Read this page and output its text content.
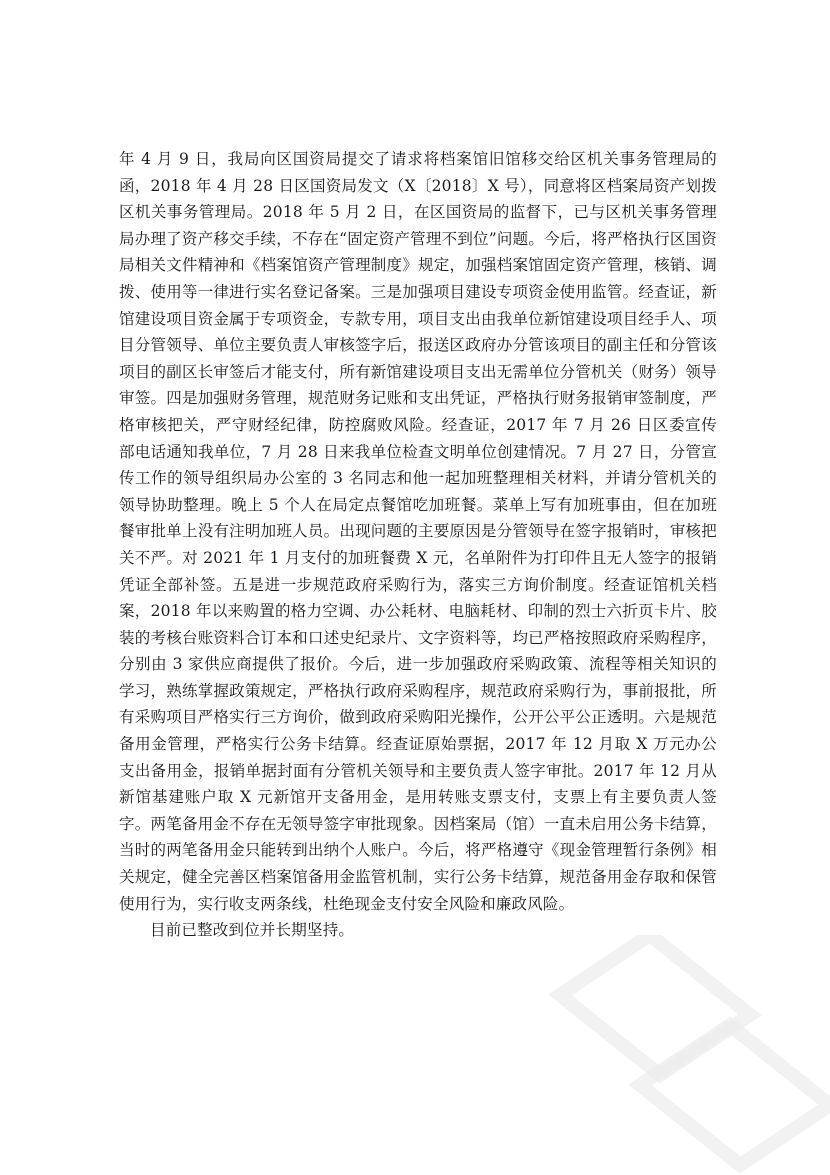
年 4 月 9 日，我局向区国资局提交了请求将档案馆旧馆移交给区机关事务管理局的函，2018 年 4 月 28 日区国资局发文（X〔2018〕X 号），同意将区档案局资产划拨区机关事务管理局。2018 年 5 月 2 日，在区国资局的监督下，已与区机关事务管理局办理了资产移交手续，不存在“固定资产管理不到位”问题。今后，将严格执行区国资局相关文件精神和《档案馆资产管理制度》规定，加强档案馆固定资产管理，核销、调拨、使用等一律进行实名登记备案。三是加强项目建设专项资金使用监管。经查证，新馆建设项目资金属于专项资金，专款专用，项目支出由我单位新馆建设项目经手人、项目分管领导、单位主要负责人审核签字后，报送区政府办分管该项目的副主任和分管该项目的副区长审签后才能支付，所有新馆建设项目支出无需单位分管机关（财务）领导审签。四是加强财务管理，规范财务记账和支出凭证，严格执行财务报销审签制度，严格审核把关，严守财经纪律，防控腐败风险。经查证，2017 年 7 月 26 日区委宣传部电话通知我单位，7 月 28 日来我单位检查文明单位创建情况。7 月 27 日，分管宣传工作的领导组织局办公室的 3 名同志和他一起加班整理相关材料，并请分管机关的领导协助整理。晚上 5 个人在局定点餐馆吃加班餐。菜单上写有加班事由，但在加班餐审批单上没有注明加班人员。出现问题的主要原因是分管领导在签字报销时，审核把关不严。对 2021 年 1 月支付的加班餐费 X 元，名单附件为打印件且无人签字的报销凭证全部补签。五是进一步规范政府采购行为，落实三方询价制度。经查证馆机关档案，2018 年以来购置的格力空调、办公耗材、电脑耗材、印制的烈士六折页卡片、胶装的考核台账资料合订本和口述史纪录片、文字资料等，均已严格按照政府采购程序，分别由 3 家供应商提供了报价。今后，进一步加强政府采购政策、流程等相关知识的学习，熟练掌握政策规定，严格执行政府采购程序，规范政府采购行为，事前报批，所有采购项目严格实行三方询价，做到政府采购阳光操作，公开公平公正透明。六是规范备用金管理，严格实行公务卡结算。经查证原始票据，2017 年 12 月取 X 万元办公支出备用金，报销单据封面有分管机关领导和主要负责人签字审批。2017 年 12 月从新馆基建账户取 X 元新馆开支备用金，是用转账支票支付，支票上有主要负责人签字。两笔备用金不存在无领导签字审批现象。因档案局（馆）一直未启用公务卡结算，当时的两笔备用金只能转到出纳个人账户。今后，将严格遵守《现金管理暂行条例》相关规定，健全完善区档案馆备用金监管机制，实行公务卡结算，规范备用金存取和保管使用行为，实行收支两条线，杜绝现金支付安全风险和廉政风险。

目前已整改到位并长期坚持。
